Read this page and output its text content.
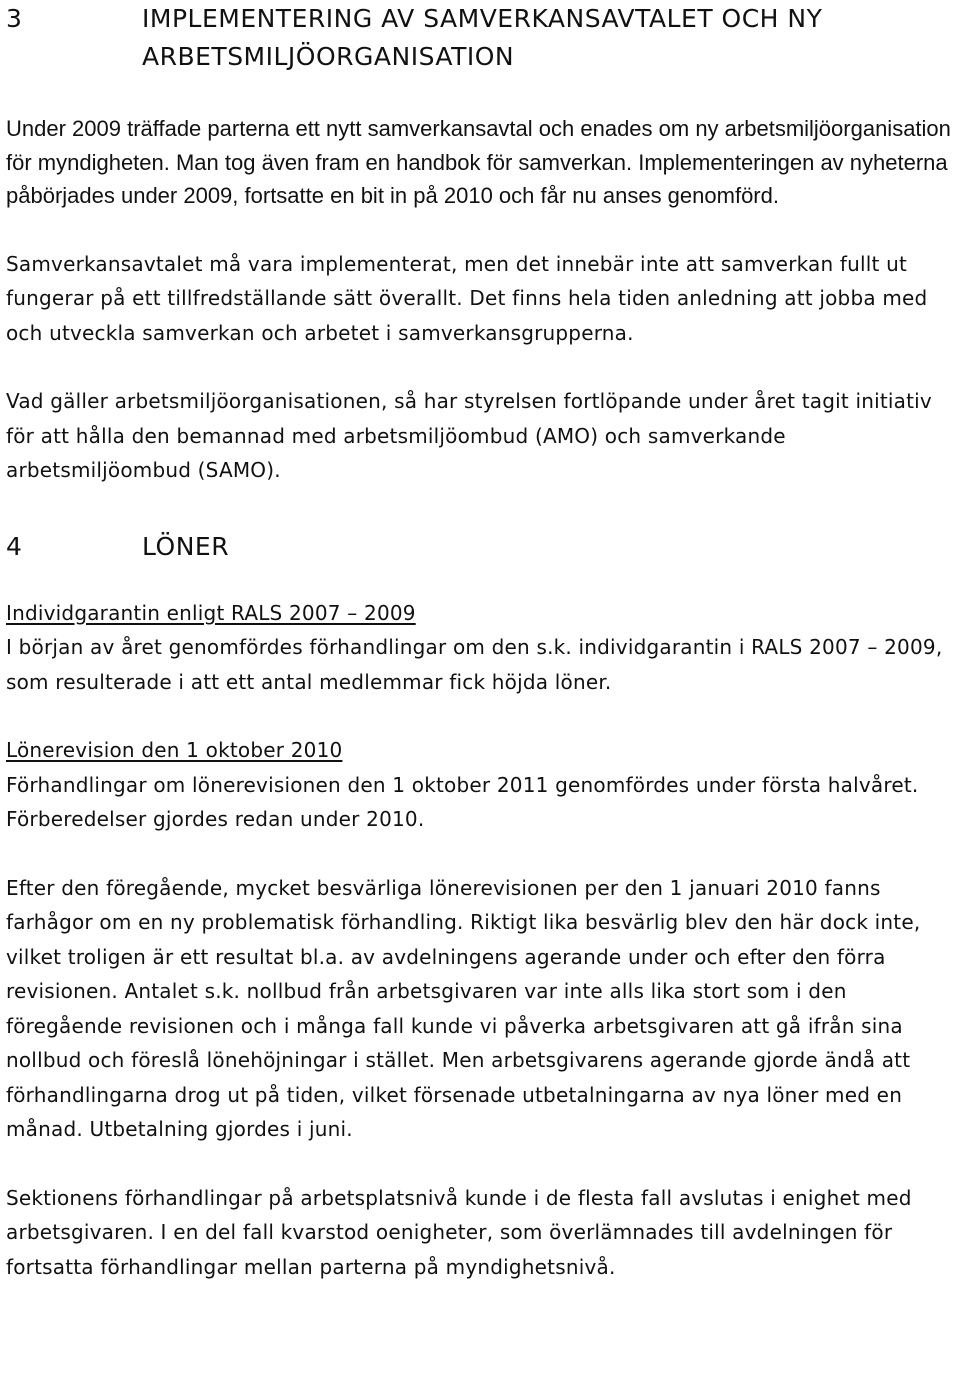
3	IMPLEMENTERING AV SAMVERKANSAVTALET OCH NY
ARBETSMILJÖORGANISATION

Under 2009 träffade parterna ett nytt samverkansavtal och enades om ny arbetsmiljöorganisation för myndigheten. Man tog även fram en handbok för samverkan. Implementeringen av nyheterna påbörjades under 2009, fortsatte en bit in på 2010 och får nu anses genomförd.

Samverkansavtalet må vara implementerat, men det innebär inte att samverkan fullt ut fungerar på ett tillfredställande sätt överallt. Det finns hela tiden anledning att jobba med och utveckla samverkan och arbetet i samverkansgrupperna.

Vad gäller arbetsmiljöorganisationen, så har styrelsen fortlöpande under året tagit initiativ för att hålla den bemannad med arbetsmiljöombud (AMO) och samverkande arbetsmiljöombud (SAMO).

4	LÖNER

Individgarantin enligt RALS 2007 – 2009

I början av året genomfördes förhandlingar om den s.k. individgarantin i RALS 2007 – 2009, som resulterade i att ett antal medlemmar fick höjda löner.

Lönerevision den 1 oktober 2010

Förhandlingar om lönerevisionen den 1 oktober 2011 genomfördes under första halvåret. Förberedelser gjordes redan under 2010.

Efter den föregående, mycket besvärliga lönerevisionen per den 1 januari 2010 fanns farhågor om en ny problematisk förhandling. Riktigt lika besvärlig blev den här dock inte, vilket troligen är ett resultat bl.a. av avdelningens agerande under och efter den förra revisionen. Antalet s.k. nollbud från arbetsgivaren var inte alls lika stort som i den föregående revisionen och i många fall kunde vi påverka arbetsgivaren att gå ifrån sina nollbud och föreslå lönehöjningar i stället. Men arbetsgivarens agerande gjorde ändå att förhandlingarna drog ut på tiden, vilket försenade utbetalningarna av nya löner med en månad. Utbetalning gjordes i juni.

Sektionens förhandlingar på arbetsplatsnivå kunde i de flesta fall avslutas i enighet med arbetsgivaren. I en del fall kvarstod oenigheter, som överlämnades till avdelningen för fortsatta förhandlingar mellan parterna på myndighetsnivå.
